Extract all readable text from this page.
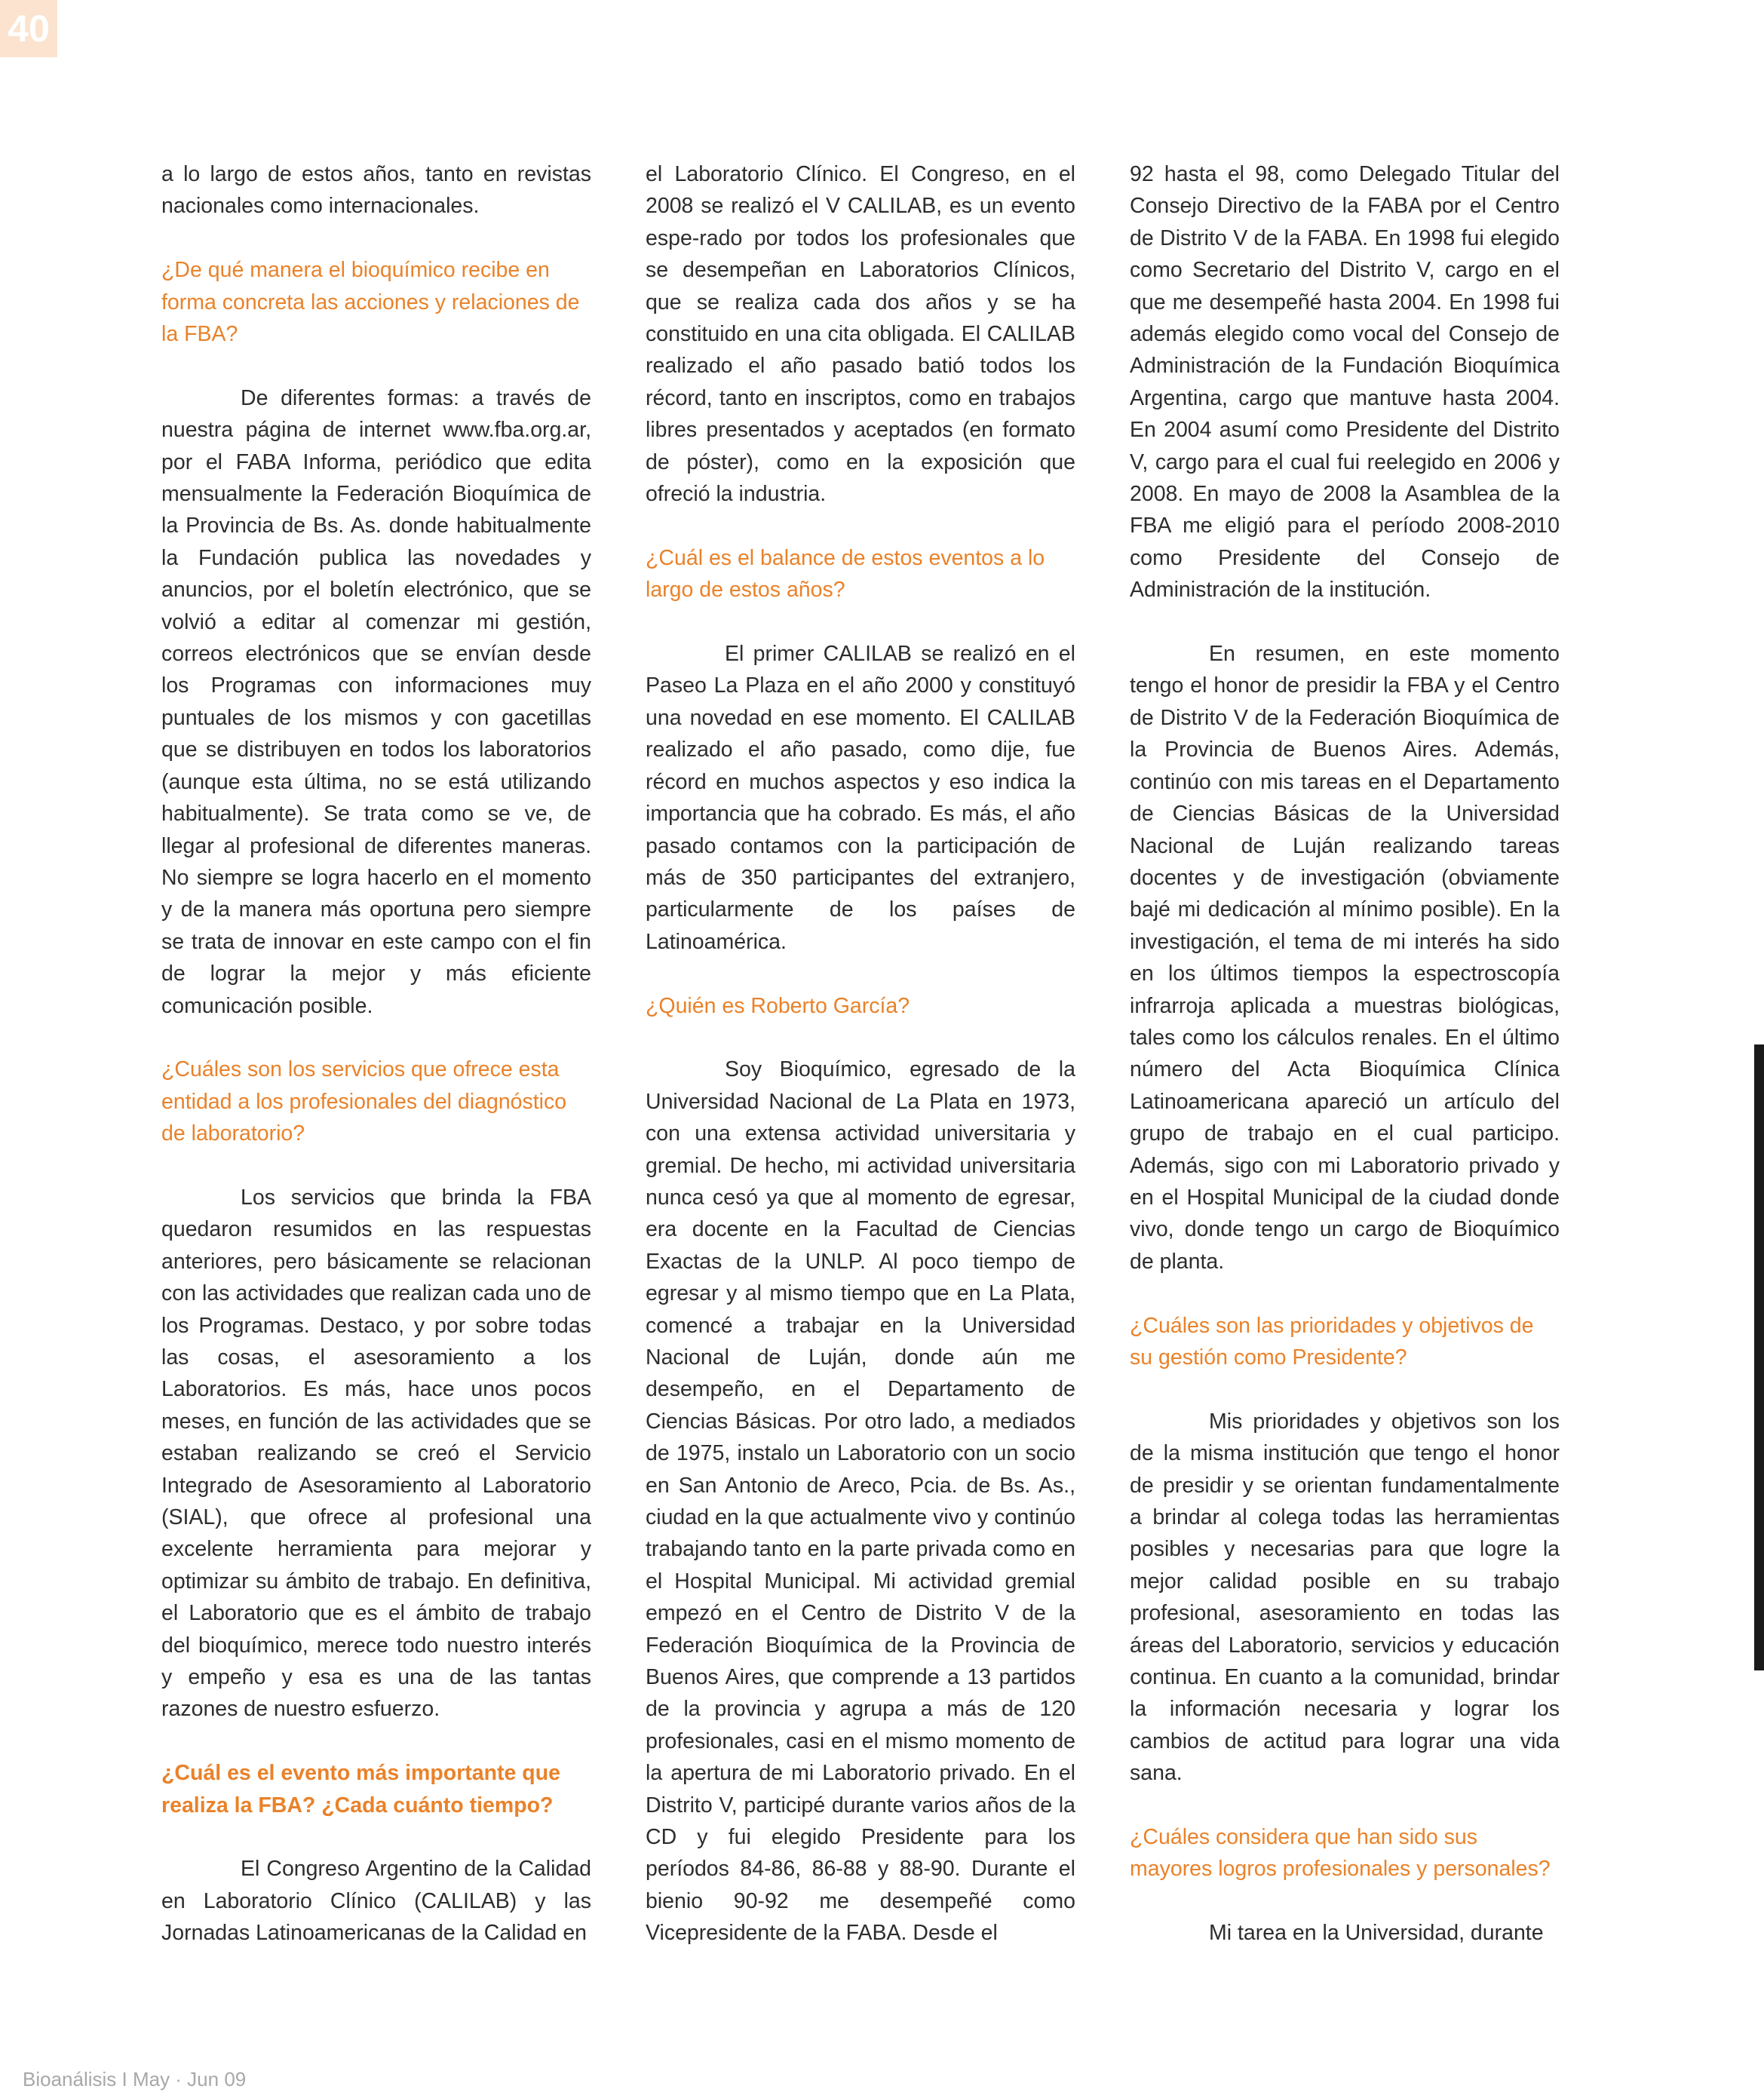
40

a lo largo de estos años, tanto en revistas nacionales como internacionales.

¿De qué manera el bioquímico recibe en forma concreta las acciones y relaciones de la FBA?

De diferentes formas: a través de nuestra página de internet www.fba.org.ar, por el FABA Informa, periódico que edita mensualmente la Federación Bioquímica de la Provincia de Bs. As. donde habitualmente la Fundación publica las novedades y anuncios, por el boletín electrónico, que se volvió a editar al comenzar mi gestión, correos electrónicos que se envían desde los Programas con informaciones muy puntuales de los mismos y con gacetillas que se distribuyen en todos los laboratorios (aunque esta última, no se está utilizando habitualmente). Se trata como se ve, de llegar al profesional de diferentes maneras. No siempre se logra hacerlo en el momento y de la manera más oportuna pero siempre se trata de innovar en este campo con el fin de lograr la mejor y más eficiente comunicación posible.

¿Cuáles son los servicios que ofrece esta entidad a los profesionales del diagnóstico de laboratorio?

Los servicios que brinda la FBA quedaron resumidos en las respuestas anteriores, pero básicamente se relacionan con las actividades que realizan cada uno de los Programas. Destaco, y por sobre todas las cosas, el asesoramiento a los Laboratorios. Es más, hace unos pocos meses, en función de las actividades que se estaban realizando se creó el Servicio Integrado de Asesoramiento al Laboratorio (SIAL), que ofrece al profesional una excelente herramienta para mejorar y optimizar su ámbito de trabajo. En definitiva, el Laboratorio que es el ámbito de trabajo del bioquímico, merece todo nuestro interés y empeño y esa es una de las tantas razones de nuestro esfuerzo.

¿Cuál es el evento más importante que realiza la FBA? ¿Cada cuánto tiempo?

El Congreso Argentino de la Calidad en Laboratorio Clínico (CALILAB) y las Jornadas Latinoamericanas de la Calidad en

el Laboratorio Clínico. El Congreso, en el 2008 se realizó el V CALILAB, es un evento espe-rado por todos los profesionales que se desempeñan en Laboratorios Clínicos, que se realiza cada dos años y se ha constituido en una cita obligada. El CALILAB realizado el año pasado batió todos los récord, tanto en inscriptos, como en trabajos libres presentados y aceptados (en formato de póster), como en la exposición que ofreció la industria.

¿Cuál es el balance de estos eventos a lo largo de estos años?

El primer CALILAB se realizó en el Paseo La Plaza en el año 2000 y constituyó una novedad en ese momento. El CALILAB realizado el año pasado, como dije, fue récord en muchos aspectos y eso indica la importancia que ha cobrado. Es más, el año pasado contamos con la participación de más de 350 participantes del extranjero, particularmente de los países de Latinoamérica.

¿Quién es Roberto García?

Soy Bioquímico, egresado de la Universidad Nacional de La Plata en 1973, con una extensa actividad universitaria y gremial. De hecho, mi actividad universitaria nunca cesó ya que al momento de egresar, era docente en la Facultad de Ciencias Exactas de la UNLP. Al poco tiempo de egresar y al mismo tiempo que en La Plata, comencé a trabajar en la Universidad Nacional de Luján, donde aún me desempeño, en el Departamento de Ciencias Básicas. Por otro lado, a mediados de 1975, instalo un Laboratorio con un socio en San Antonio de Areco, Pcia. de Bs. As., ciudad en la que actualmente vivo y continúo trabajando tanto en la parte privada como en el Hospital Municipal. Mi actividad gremial empezó en el Centro de Distrito V de la Federación Bioquímica de la Provincia de Buenos Aires, que comprende a 13 partidos de la provincia y agrupa a más de 120 profesionales, casi en el mismo momento de la apertura de mi Laboratorio privado. En el Distrito V, participé durante varios años de la CD y fui elegido Presidente para los períodos 84-86, 86-88 y 88-90. Durante el bienio 90-92 me desempeñé como Vicepresidente de la FABA. Desde el

92 hasta el 98, como Delegado Titular del Consejo Directivo de la FABA por el Centro de Distrito V de la FABA. En 1998 fui elegido como Secretario del Distrito V, cargo en el que me desempeñé hasta 2004. En 1998 fui además elegido como vocal del Consejo de Administración de la Fundación Bioquímica Argentina, cargo que mantuve hasta 2004. En 2004 asumí como Presidente del Distrito V, cargo para el cual fui reelegido en 2006 y 2008. En mayo de 2008 la Asamblea de la FBA me eligió para el período 2008-2010 como Presidente del Consejo de Administración de la institución.

En resumen, en este momento tengo el honor de presidir la FBA y el Centro de Distrito V de la Federación Bioquímica de la Provincia de Buenos Aires. Además, continúo con mis tareas en el Departamento de Ciencias Básicas de la Universidad Nacional de Luján realizando tareas docentes y de investigación (obviamente bajé mi dedicación al mínimo posible). En la investigación, el tema de mi interés ha sido en los últimos tiempos la espectroscopía infrarroja aplicada a muestras biológicas, tales como los cálculos renales. En el último número del Acta Bioquímica Clínica Latinoamericana apareció un artículo del grupo de trabajo en el cual participo. Además, sigo con mi Laboratorio privado y en el Hospital Municipal de la ciudad donde vivo, donde tengo un cargo de Bioquímico de planta.

¿Cuáles son las prioridades y objetivos de su gestión como Presidente?

Mis prioridades y objetivos son los de la misma institución que tengo el honor de presidir y se orientan fundamentalmente a brindar al colega todas las herramientas posibles y necesarias para que logre la mejor calidad posible en su trabajo profesional, asesoramiento en todas las áreas del Laboratorio, servicios y educación continua. En cuanto a la comunidad, brindar la información necesaria y lograr los cambios de actitud para lograr una vida sana.

¿Cuáles considera que han sido sus mayores logros profesionales y personales?

Mi tarea en la Universidad, durante

Bioanálisis I May · Jun 09
